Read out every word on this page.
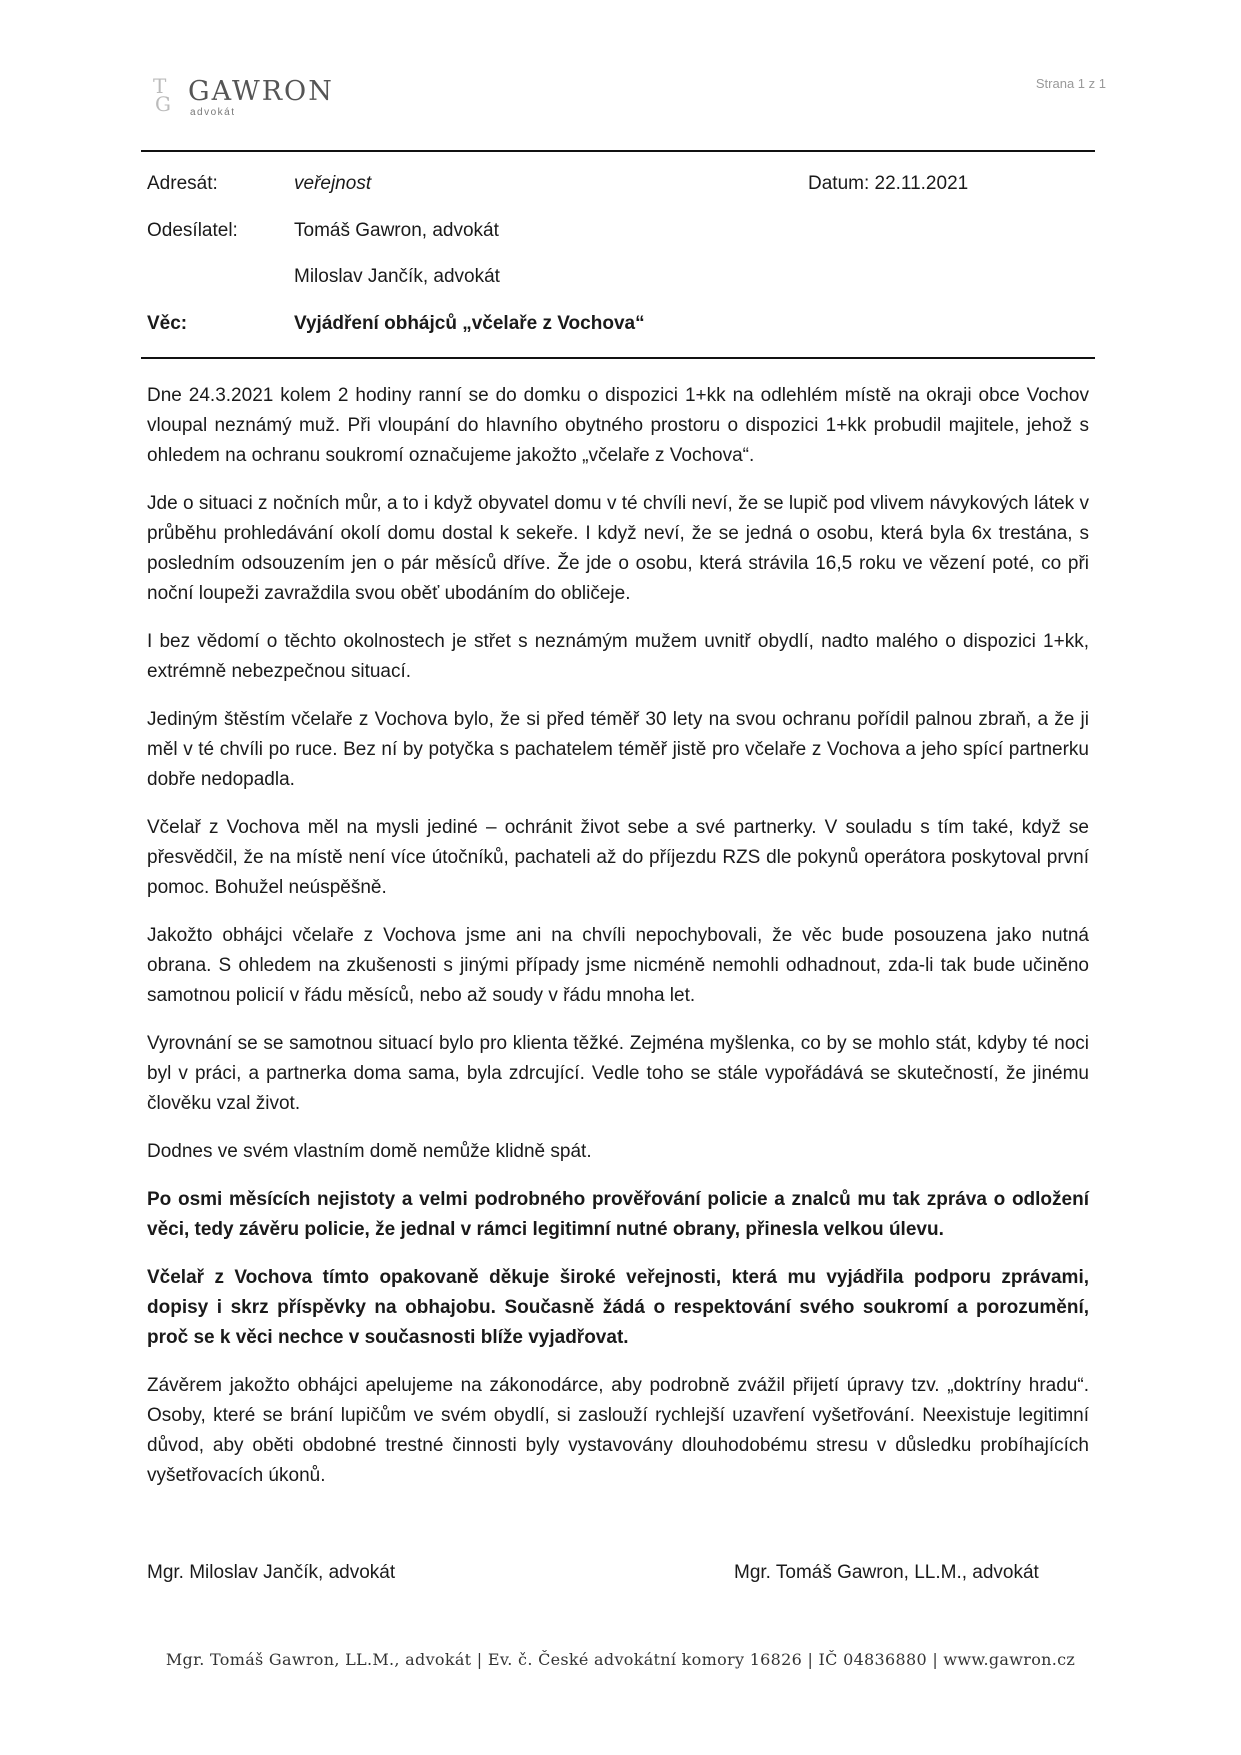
T
G GAWRON
advokát
Strana 1 z 1
Adresát:	veřejnost	Datum: 22.11.2021
Odesílatel:	Tomáš Gawron, advokát
Miloslav Jančík, advokát
Věc:	Vyjádření obhájců „včelaře z Vochova“

Dne 24.3.2021 kolem 2 hodiny ranní se do domku o dispozici 1+kk na odlehlém místě na okraji obce Vochov vloupal neznámý muž. Při vloupání do hlavního obytného prostoru o dispozici 1+kk probudil majitele, jehož s ohledem na ochranu soukromí označujeme jakožto „včelaře z Vochova“.

Jde o situaci z nočních můr, a to i když obyvatel domu v té chvíli neví, že se lupič pod vlivem návykových látek v průběhu prohledávání okolí domu dostal k sekeře. I když neví, že se jedná o osobu, která byla 6x trestána, s posledním odsouzením jen o pár měsíců dříve. Že jde o osobu, která strávila 16,5 roku ve vězení poté, co při noční loupeži zavraždila svou oběť ubodáním do obličeje.

I bez vědomí o těchto okolnostech je střet s neznámým mužem uvnitř obydlí, nadto malého o dispozici 1+kk, extrémně nebezpečnou situací.

Jediným štěstím včelaře z Vochova bylo, že si před téměř 30 lety na svou ochranu pořídil palnou zbraň, a že ji měl v té chvíli po ruce. Bez ní by potyčka s pachatelem téměř jistě pro včelaře z Vochova a jeho spící partnerku dobře nedopadla.

Včelař z Vochova měl na mysli jediné – ochránit život sebe a své partnerky. V souladu s tím také, když se přesvědčil, že na místě není více útočníků, pachateli až do příjezdu RZS dle pokynů operátora poskytoval první pomoc. Bohužel neúspěšně.

Jakožto obhájci včelaře z Vochova jsme ani na chvíli nepochybovali, že věc bude posouzena jako nutná obrana. S ohledem na zkušenosti s jinými případy jsme nicméně nemohli odhadnout, zda-li tak bude učiněno samotnou policií v řádu měsíců, nebo až soudy v řádu mnoha let.

Vyrovnání se se samotnou situací bylo pro klienta těžké. Zejména myšlenka, co by se mohlo stát, kdyby té noci byl v práci, a partnerka doma sama, byla zdrcující. Vedle toho se stále vypořádává se skutečností, že jinému člověku vzal život.

Dodnes ve svém vlastním domě nemůže klidně spát.

Po osmi měsících nejistoty a velmi podrobného prověřování policie a znalců mu tak zpráva o odložení věci, tedy závěru policie, že jednal v rámci legitimní nutné obrany, přinesla velkou úlevu.

Včelař z Vochova tímto opakovaně děkuje široké veřejnosti, která mu vyjádřila podporu zprávami, dopisy i skrz příspěvky na obhajobu. Současně žádá o respektování svého soukromí a porozumění, proč se k věci nechce v současnosti blíže vyjadřovat.

Závěrem jakožto obhájci apelujeme na zákonodárce, aby podrobně zvážil přijetí úpravy tzv. „doktríny hradu“. Osoby, které se brání lupičům ve svém obydlí, si zaslouží rychlejší uzavření vyšetřování. Neexistuje legitimní důvod, aby oběti obdobné trestné činnosti byly vystavovány dlouhodobému stresu v důsledku probíhajících vyšetřovacích úkonů.

Mgr. Miloslav Jančík, advokát	Mgr. Tomáš Gawron, LL.M., advokát
Mgr. Tomáš Gawron, LL.M., advokát | Ev. č. České advokátní komory 16826 | IČ 04836880 | www.gawron.cz
